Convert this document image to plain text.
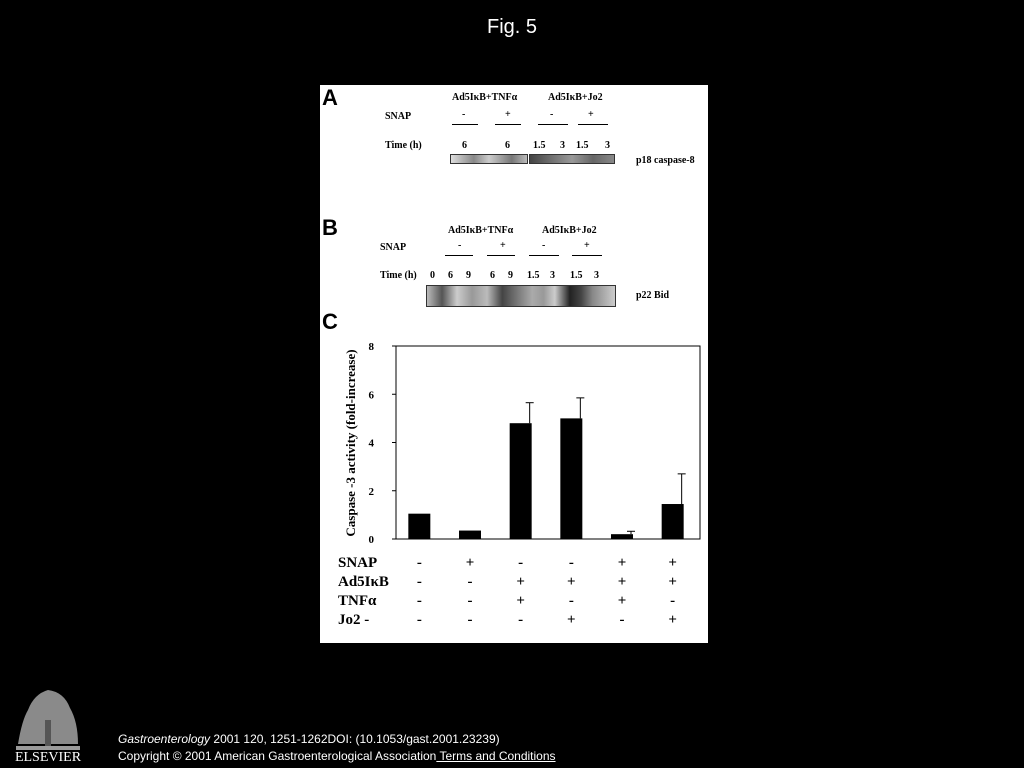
Fig. 5
A	Ad5IκB+TNFα	Ad5IκB+Jo2
SNAP	-	+	-	+
Time (h)	6	6 1.5 3 1.5 3
p18 caspase-8
B	Ad5IκB+TNFα	Ad5IκB+Jo2
SNAP	-	+	-	+
Time (h) 0 6 9 6 9 1.5 3 1.5 3
p22 Bid
C
Caspase -3 activity (fold-increase)
0
2
4
6
8
SNAP	-	+	-	-	+	+
Ad5IκB -	-	+	+	+	+
TNFα	-	-	+	-	+	-
Jo2 -	-	-	-	+	-	+
ELSEVIER
Gastroenterology 2001 120, 1251-1262DOI: (10.1053/gast.2001.23239)
Copyright © 2001 American Gastroenterological Association Terms and Conditions
